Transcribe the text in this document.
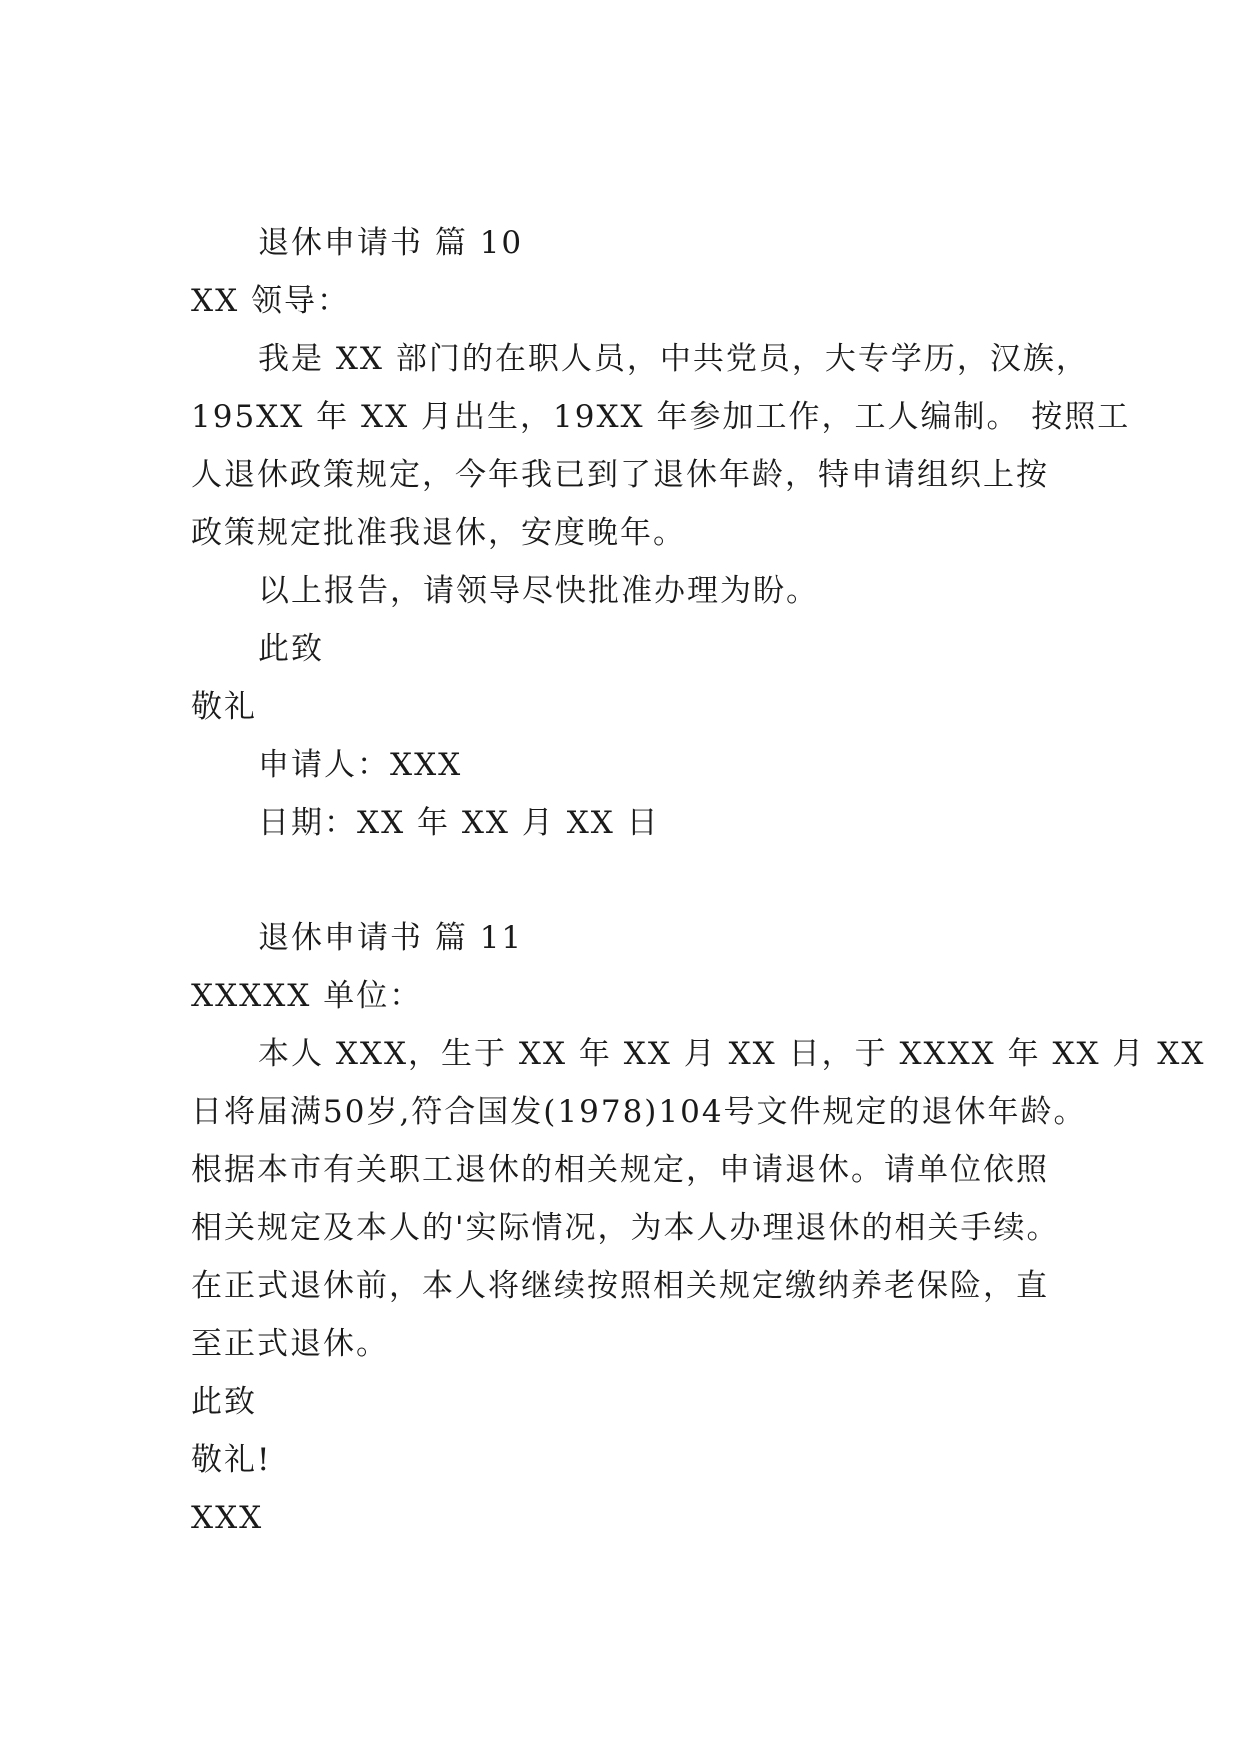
退休申请书 篇 10
XX 领导：
我是 XX 部门的在职人员，中共党员，大专学历，汉族，
195XX 年 XX 月出生，19XX 年参加工作，工人编制。 按照工
人退休政策规定，今年我已到了退休年龄，特申请组织上按
政策规定批准我退休，安度晚年。
以上报告，请领导尽快批准办理为盼。
此致
敬礼
申请人：XXX
日期：XX 年 XX 月 XX 日
退休申请书 篇 11
XXXXX 单位：
本人 XXX，生于 XX 年 XX 月 XX 日，于 XXXX 年 XX 月 XX
日将届满50岁,符合国发(1978)104号文件规定的退休年龄。
根据本市有关职工退休的相关规定，申请退休。请单位依照
相关规定及本人的'实际情况，为本人办理退休的相关手续。
在正式退休前，本人将继续按照相关规定缴纳养老保险，直
至正式退休。
此致
敬礼!
XXX
